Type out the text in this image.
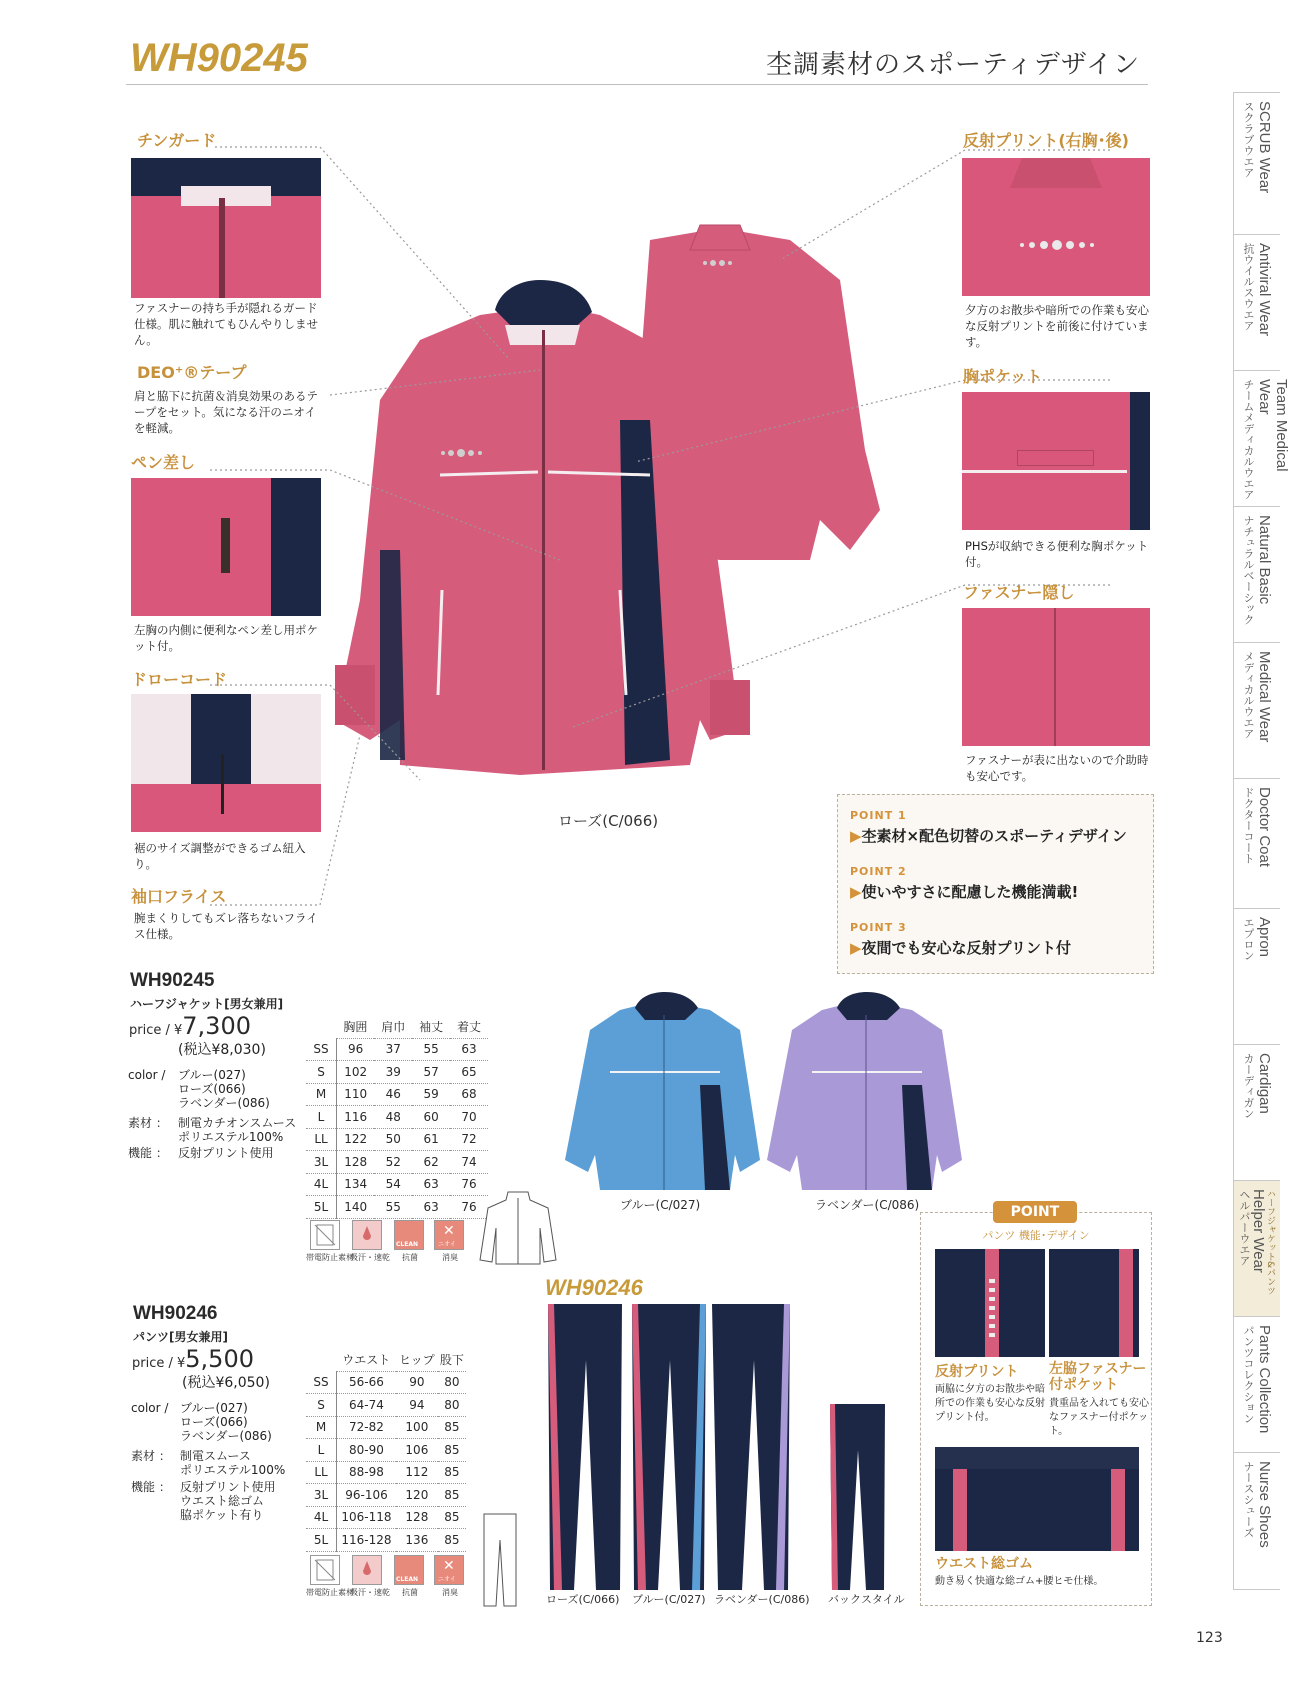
WH90245	杢調素材のスポーティデザイン
SCRUB Wear
スクラブウエア
Antiviral Wear
抗ウイルスウエア
Team Medical Wear
チームメディカルウエア
Natural Basic
ナチュラルベーシック
Medical Wear
メディカルウエア
Doctor Coat
ドクターコート
Apron
エプロン
Cardigan
カーディガン
ハーフジャケット&パンツ
Helper Wear
ヘルパーウエア
Pants Collection
パンツコレクション
Nurse Shoes
ナースシューズ
チンガード
ファスナーの持ち手が隠れるガード仕様。肌に触れてもひんやりしません。
DEO⁺®テープ
肩と脇下に抗菌＆消臭効果のあるテープをセット。気になる汗のニオイを軽減。
ペン差し
左胸の内側に便利なペン差し用ポケット付。
ドローコード
裾のサイズ調整ができるゴム紐入り。
袖口フライス
腕まくりしてもズレ落ちないフライス仕様。
ローズ(C/066)
反射プリント(右胸･後)
夕方のお散歩や暗所での作業も安心な反射プリントを前後に付けています。
胸ポケット
PHSが収納できる便利な胸ポケット付。
ファスナー隠し
ファスナーが表に出ないので介助時も安心です。
POINT 1
▶杢素材×配色切替のスポーティデザイン
POINT 2
▶使いやすさに配慮した機能満載!
POINT 3
▶夜間でも安心な反射プリント付
WH90245
ハーフジャケット[男女兼用]
price / ¥7,300
(税込¥8,030)
color / ブルー(027)
ローズ(066)
ラベンダー(086)
素材 ： 制電カチオンスムース
ポリエステル100%
機能 ： 反射プリント使用
	胸囲	肩巾	袖丈	着丈
SS	96	37	55	63
S	102	39	57	65
M	110	46	59	68
L	116	48	60	70
LL	122	50	61	72
3L	128	52	62	74
4L	134	54	63	76
5L	140	55	63	76
CLEAN
✕
ニオイ
帯電防止素材
吸汗・速乾 抗菌	消臭
ブルー(C/027)	ラベンダー(C/086)
WH90246
パンツ[男女兼用]
price / ¥5,500
(税込¥6,050)
color / ブルー(027)
ローズ(066)
ラベンダー(086)
素材 ： 制電スムース
ポリエステル100%
機能 ： 反射プリント使用
ウエスト総ゴム
脇ポケット有り
	ウエスト	ヒップ	股下
SS	56-66	90	80
S	64-74	94	80
M	72-82	100	85
L	80-90	106	85
LL	88-98	112	85
3L	96-106	120	85
4L	106-118	128	85
5L	116-128	136	85
CLEAN
✕
ニオイ
帯電防止素材
吸汗・速乾 抗菌	消臭
WH90246
ローズ(C/066) ブルー(C/027) ラベンダー(C/086) バックスタイル
POINT
パンツ 機能･デザイン
反射プリント
両脇に夕方のお散歩や暗所での作業も安心な反射プリント付。
左脇ファスナー付ポケット
貴重品を入れても安心なファスナー付ポケット。
ウエスト総ゴム
動き易く快適な総ゴム+腰ヒモ仕様。
123
